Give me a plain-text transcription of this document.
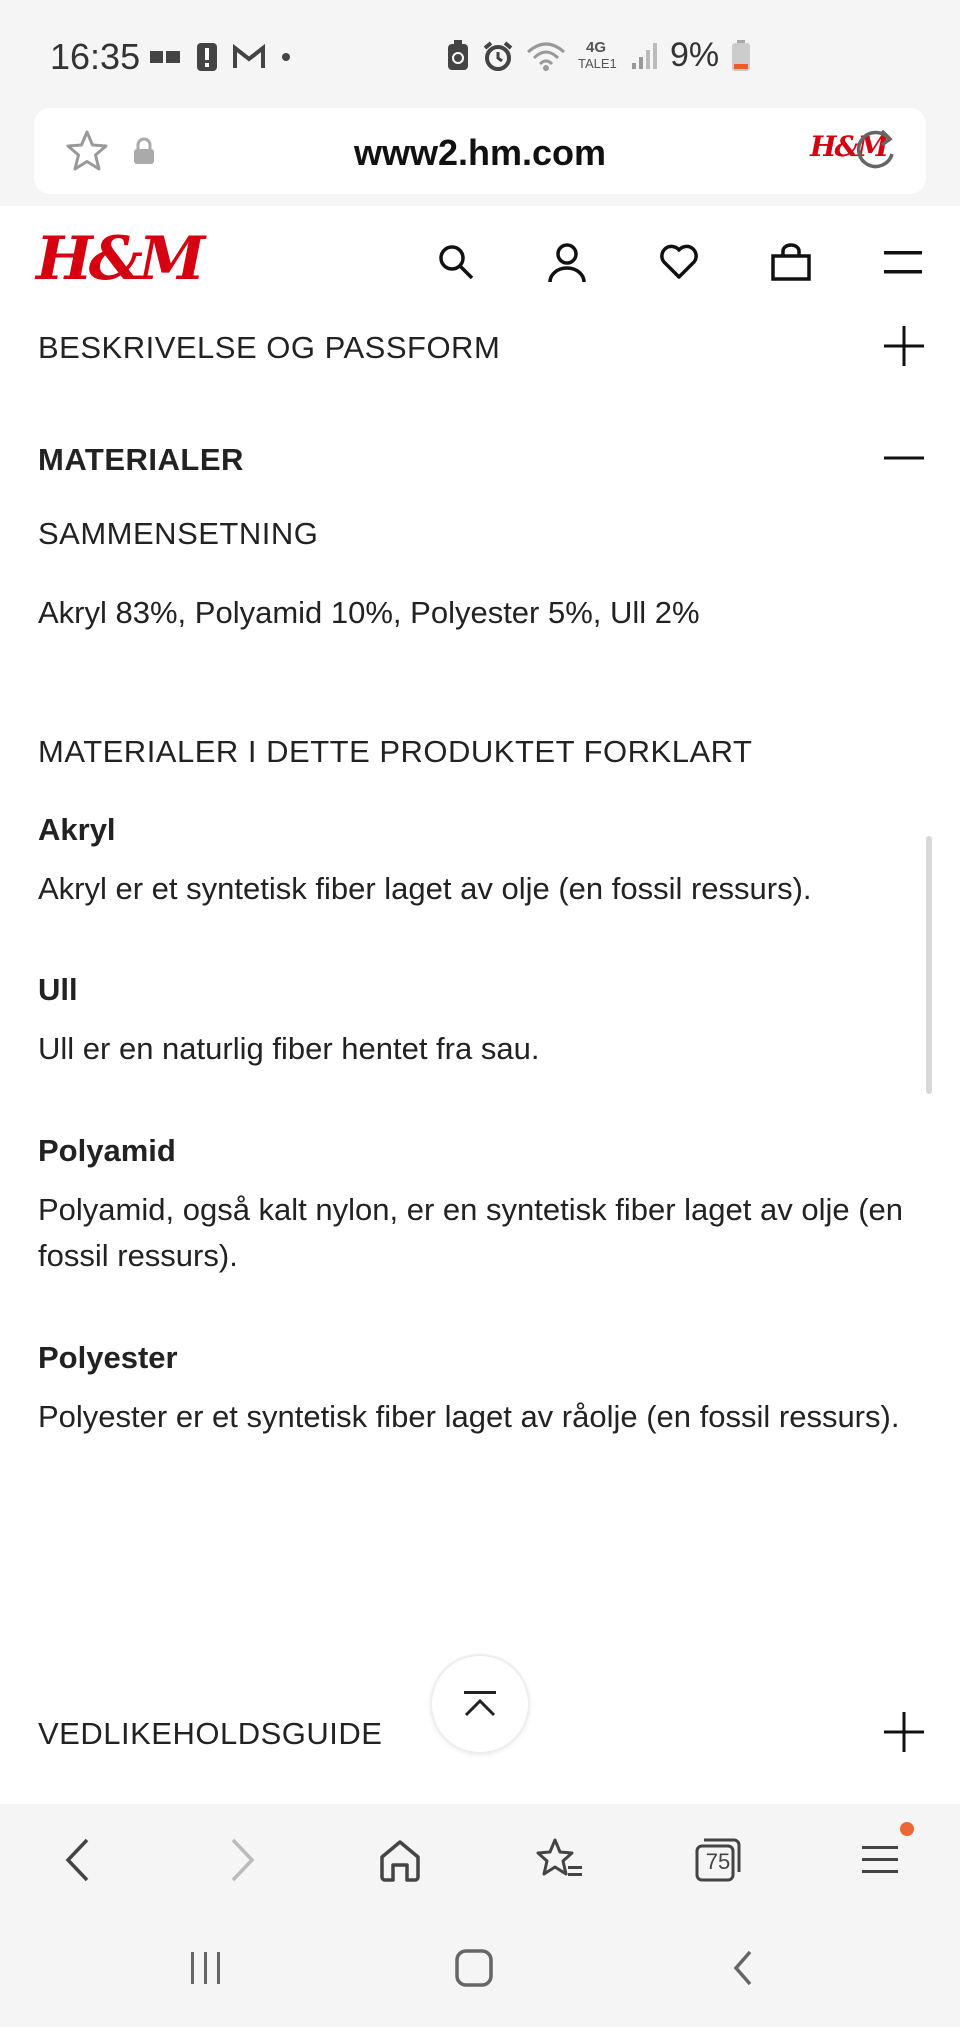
16:35	4G
TALE1 9%
www2.hm.com	H&M
H&M
BESKRIVELSE OG PASSFORM
MATERIALER
SAMMENSETNING
Akryl 83%, Polyamid 10%, Polyester 5%, Ull 2%
MATERIALER I DETTE PRODUKTET FORKLART
Akryl
Akryl er et syntetisk fiber laget av olje (en fossil ressurs).
Ull
Ull er en naturlig fiber hentet fra sau.
Polyamid
Polyamid, også kalt nylon, er en syntetisk fiber laget av olje (en fossil ressurs).
Polyester
Polyester er et syntetisk fiber laget av råolje (en fossil ressurs).
VEDLIKEHOLDSGUIDE
75
